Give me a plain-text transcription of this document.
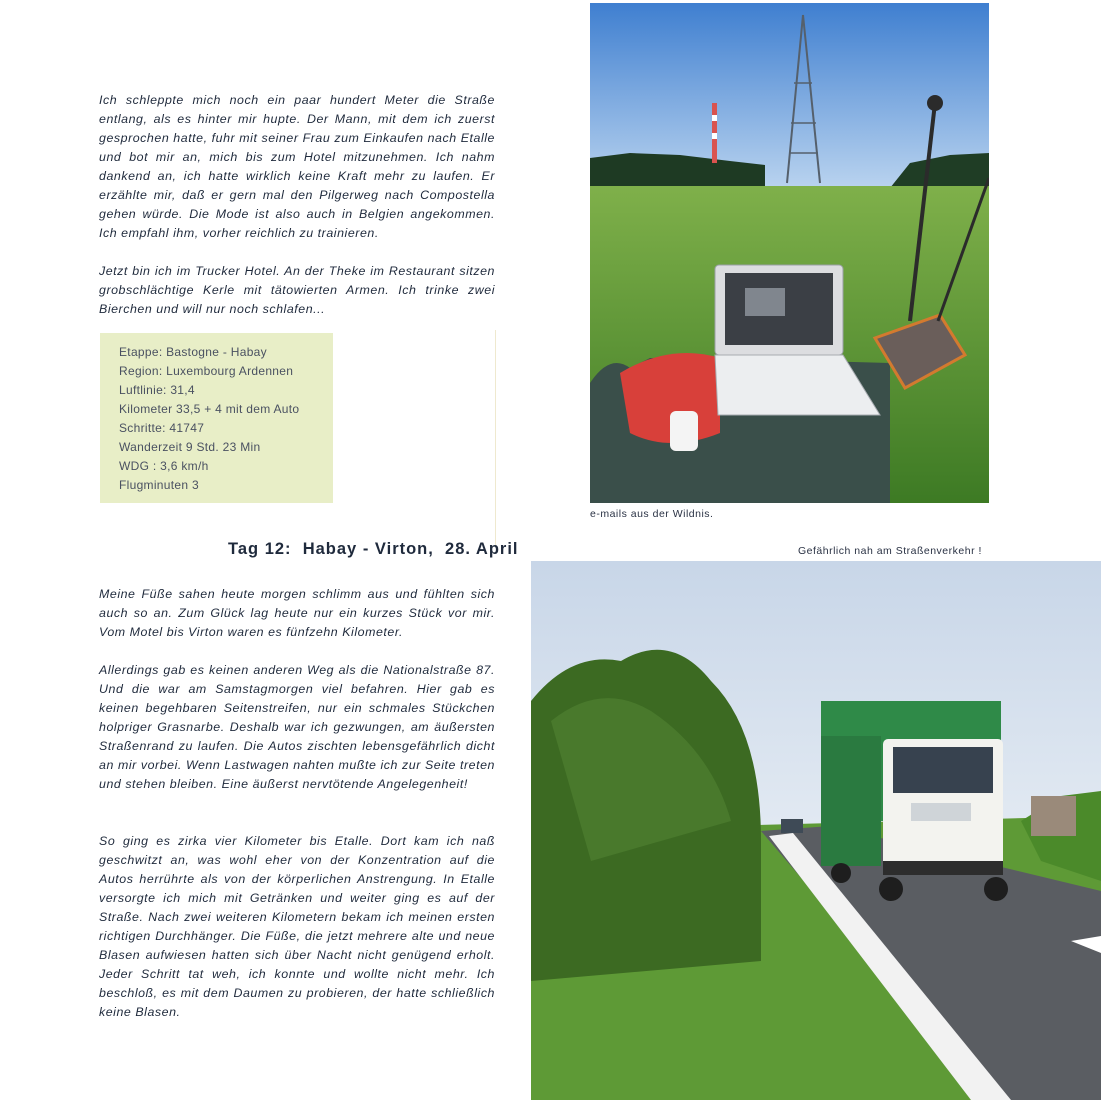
Ich schleppte mich noch ein paar hundert Meter die Straße entlang, als es hinter mir hupte. Der Mann, mit dem ich zuerst gesprochen hatte, fuhr mit seiner Frau zum Einkaufen nach Etalle und bot mir an, mich bis zum Hotel mitzunehmen. Ich nahm dankend an, ich hatte wirklich keine Kraft mehr zu laufen. Er erzählte mir, daß er gern mal den Pilgerweg nach Compostella gehen würde. Die Mode ist also auch in Belgien angekommen. Ich empfahl ihm, vorher reichlich zu trainieren.

Jetzt bin ich im Trucker Hotel. An der Theke im Restaurant sitzen grobschlächtige Kerle mit tätowierten Armen. Ich trinke zwei Bierchen und will nur noch schlafen...

Etappe: Bastogne - Habay
Region: Luxembourg Ardennen
Luftlinie: 31,4
Kilometer 33,5 + 4 mit dem Auto
Schritte: 41747
Wanderzeit 9 Std. 23 Min
WDG : 3,6 km/h
Flugminuten 3
e-mails aus der Wildnis.
Tag 12:  Habay - Virton,  28. April	Gefährlich nah am Straßenverkehr !

Meine Füße sahen heute morgen schlimm aus und fühlten sich auch so an. Zum Glück lag heute nur ein kurzes Stück vor mir. Vom Motel bis Virton waren es fünfzehn Kilometer.

Allerdings gab es keinen anderen Weg als die Nationalstraße 87. Und die war am Samstagmorgen viel befahren. Hier gab es keinen begehbaren Seitenstreifen, nur ein schmales Stückchen holpriger Grasnarbe. Deshalb war ich gezwungen, am äußersten Straßenrand zu laufen. Die Autos zischten lebensgefährlich dicht an mir vorbei. Wenn Lastwagen nahten mußte ich zur Seite treten und stehen bleiben. Eine äußerst nervtötende Angelegenheit!

So ging es zirka vier Kilometer bis Etalle. Dort kam ich naß geschwitzt an, was wohl eher von der Konzentration auf die Autos herrührte als von der körperlichen Anstrengung. In Etalle versorgte ich mich mit Getränken und weiter ging es auf der Straße. Nach zwei weiteren Kilometern bekam ich meinen ersten richtigen Durchhänger. Die Füße, die jetzt mehrere alte und neue Blasen aufwiesen hatten sich über Nacht nicht genügend erholt. Jeder Schritt tat weh, ich konnte und wollte nicht mehr. Ich beschloß, es mit dem Daumen zu probieren, der hatte schließlich keine Blasen.
